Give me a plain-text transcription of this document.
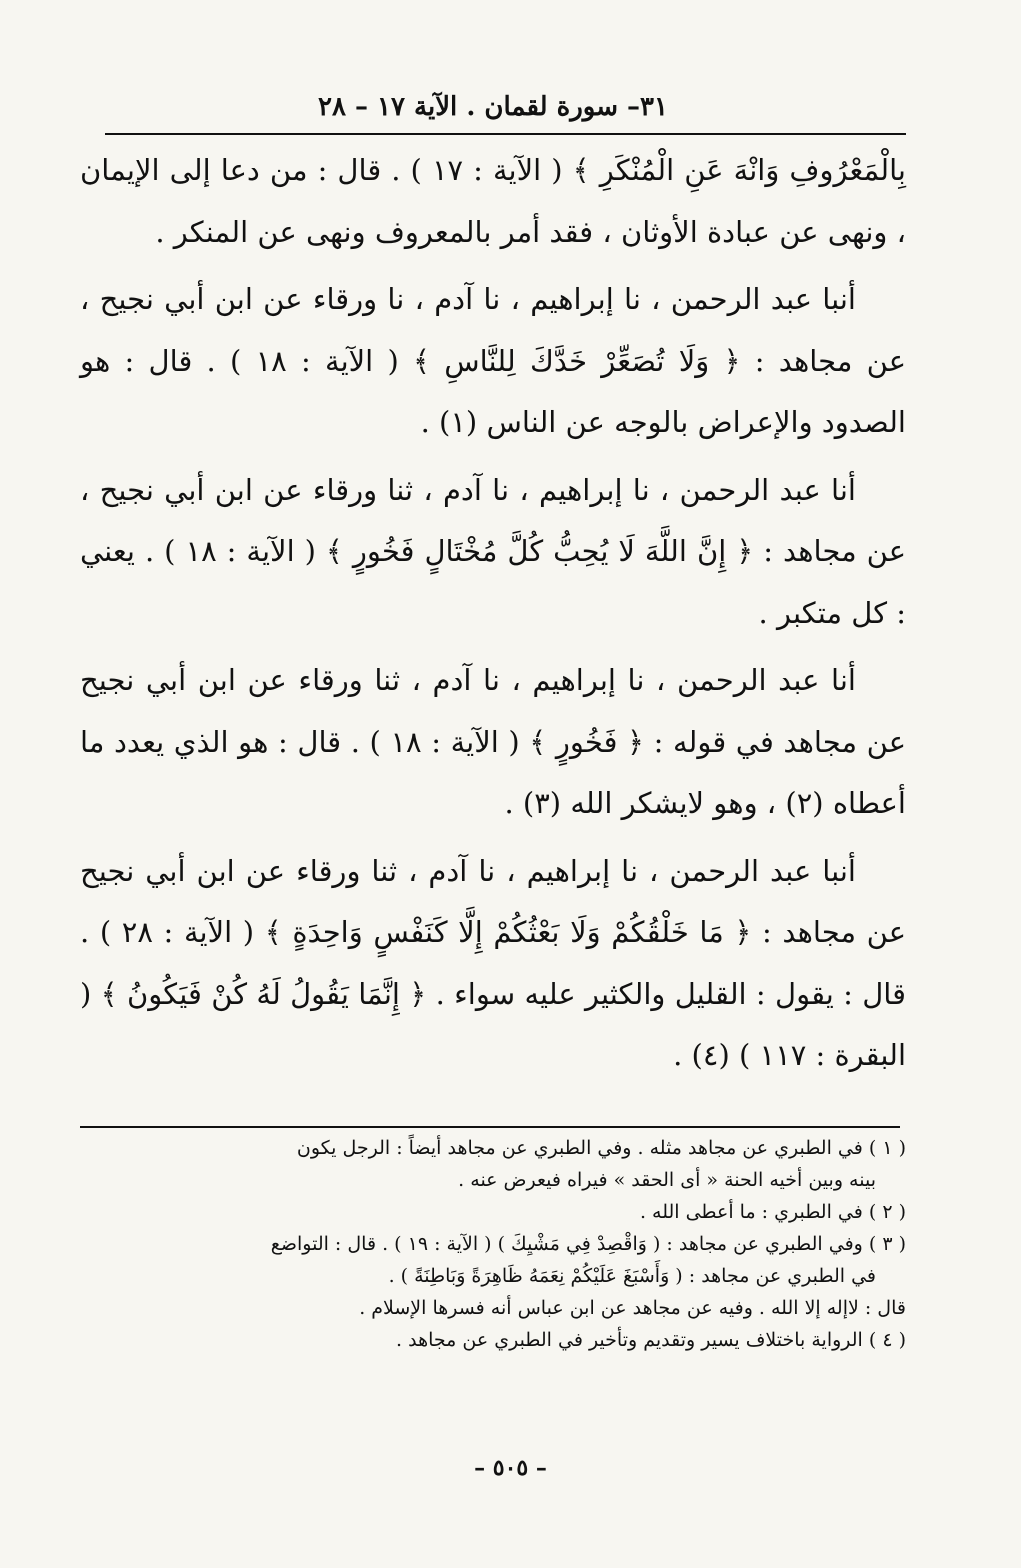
٣١– سورة لقمان . الآية ١٧ – ٢٨

بِالْمَعْرُوفِ وَانْهَ عَنِ الْمُنْكَرِ ﴾ ( الآية : ١٧ ) . قال : من دعا إلى الإيمان ، ونهى عن عبادة الأوثان ، فقد أمر بالمعروف ونهى عن المنكر .

أنبا عبد الرحمن ، نا إبراهيم ، نا آدم ، نا ورقاء عن ابن أبي نجيح ، عن مجاهد : ﴿ وَلَا تُصَعِّرْ خَدَّكَ لِلنَّاسِ ﴾ ( الآية : ١٨ ) . قال : هو الصدود والإعراض بالوجه عن الناس (١) .

أنا عبد الرحمن ، نا إبراهيم ، نا آدم ، ثنا ورقاء عن ابن أبي نجيح ، عن مجاهد : ﴿ إِنَّ اللَّهَ لَا يُحِبُّ كُلَّ مُخْتَالٍ فَخُورٍ ﴾ ( الآية : ١٨ ) . يعني : كل متكبر .

أنا عبد الرحمن ، نا إبراهيم ، نا آدم ، ثنا ورقاء عن ابن أبي نجيح عن مجاهد في قوله : ﴿ فَخُورٍ ﴾ ( الآية : ١٨ ) . قال : هو الذي يعدد ما أعطاه (٢) ، وهو لايشكر الله (٣) .

أنبا عبد الرحمن ، نا إبراهيم ، نا آدم ، ثنا ورقاء عن ابن أبي نجيح عن مجاهد : ﴿ مَا خَلْقُكُمْ وَلَا بَعْثُكُمْ إِلَّا كَنَفْسٍ وَاحِدَةٍ ﴾ ( الآية : ٢٨ ) . قال : يقول : القليل والكثير عليه سواء . ﴿ إِنَّمَا يَقُولُ لَهُ كُنْ فَيَكُونُ ﴾ ( البقرة : ١١٧ ) (٤) .

( ١ ) في الطبري عن مجاهد مثله . وفي الطبري عن مجاهد أيضاً : الرجل يكون

بينه وبين أخيه الحنة « أى الحقد » فيراه فيعرض عنه .

( ٢ ) في الطبري : ما أعطى الله .

( ٣ ) وفي الطبري عن مجاهد : ( وَاقْصِدْ فِي مَشْيِكَ ) ( الآية : ١٩ ) . قال : التواضع

في الطبري عن مجاهد : ( وَأَسْبَغَ عَلَيْكُمْ نِعَمَهُ ظَاهِرَةً وَبَاطِنَةً ) .

قال : لاإله إلا الله . وفيه عن مجاهد عن ابن عباس أنه فسرها الإسلام .

( ٤ ) الرواية باختلاف يسير وتقديم وتأخير في الطبري عن مجاهد .

– ٥٠٥ –
